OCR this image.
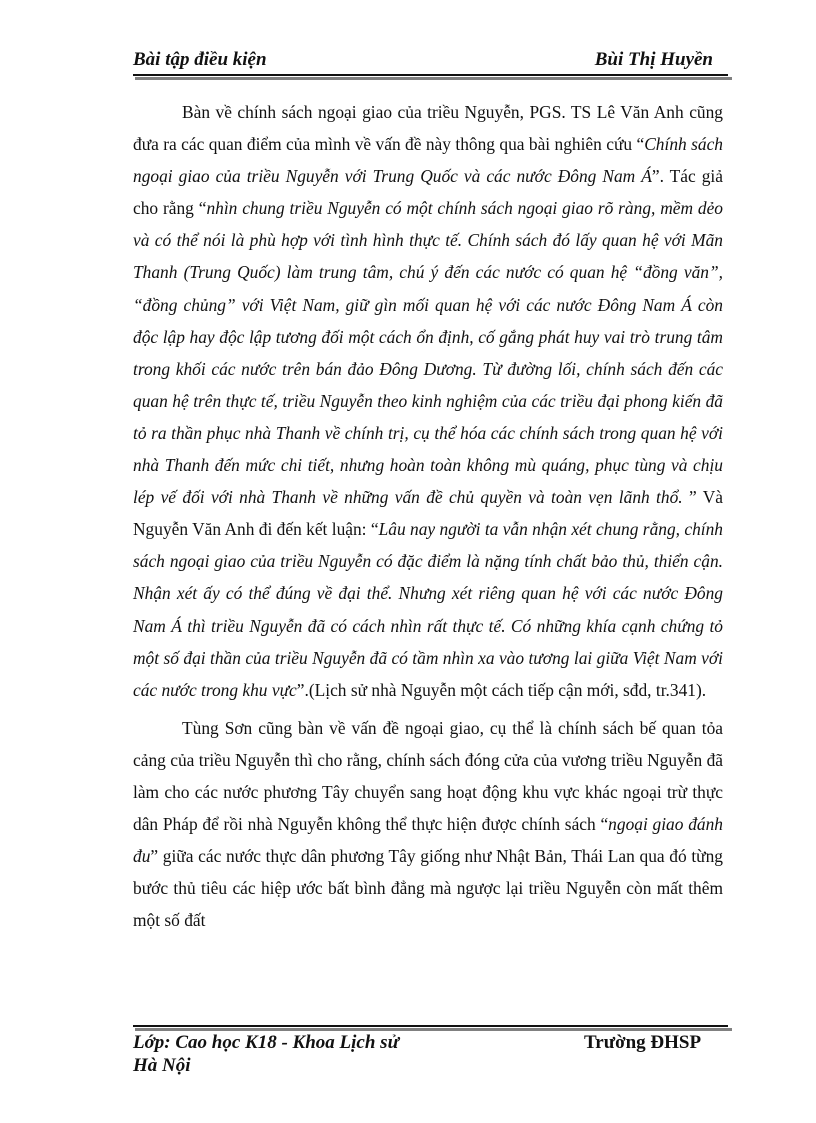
Bài tập điều kiện	Bùi Thị Huyền

Bàn về chính sách ngoại giao của triều Nguyễn, PGS. TS Lê Văn Anh cũng đưa ra các quan điểm của mình về vấn đề này thông qua bài nghiên cứu “Chính sách ngoại giao của triều Nguyễn với Trung Quốc và các nước Đông Nam Á”. Tác giả cho rằng “nhìn chung triều Nguyễn có một chính sách ngoại giao rõ ràng, mềm dẻo và có thể nói là phù hợp với tình hình thực tế. Chính sách đó lấy quan hệ với Mãn Thanh (Trung Quốc) làm trung tâm, chú ý đến các nước có quan hệ “đồng văn”, “đồng chủng” với Việt Nam, giữ gìn mối quan hệ với các nước Đông Nam Á còn độc lập hay độc lập tương đối một cách ổn định, cố gắng phát huy vai trò trung tâm trong khối các nước trên bán đảo Đông Dương. Từ đường lối, chính sách đến các quan hệ trên thực tế, triều Nguyễn theo kinh nghiệm của các triều đại phong kiến đã tỏ ra thần phục nhà Thanh về chính trị, cụ thể hóa các chính sách trong quan hệ với nhà Thanh đến mức chi tiết, nhưng hoàn toàn không mù quáng, phục tùng và chịu lép vế đối với nhà Thanh về những vấn đề chủ quyền và toàn vẹn lãnh thổ. ” Và Nguyễn Văn Anh đi đến kết luận: “Lâu nay người ta vẫn nhận xét chung rằng, chính sách ngoại giao của triều Nguyễn có đặc điểm là nặng tính chất bảo thủ, thiển cận. Nhận xét ấy có thể đúng về đại thể. Nhưng xét riêng quan hệ với các nước Đông Nam Á thì triều Nguyễn đã có cách nhìn rất thực tế. Có những khía cạnh chứng tỏ một số đại thần của triều Nguyễn đã có tầm nhìn xa vào tương lai giữa Việt Nam với các nước trong khu vực”.(Lịch sử nhà Nguyễn một cách tiếp cận mới, sđd, tr.341).

Tùng Sơn cũng bàn về vấn đề ngoại giao, cụ thể là chính sách bế quan tỏa cảng của triều Nguyễn thì cho rằng, chính sách đóng cửa của vương triều Nguyễn đã làm cho các nước phương Tây chuyển sang hoạt động khu vực khác ngoại trừ thực dân Pháp để rồi nhà Nguyễn không thể thực hiện được chính sách “ngoại giao đánh đu” giữa các nước thực dân phương Tây giống như Nhật Bản, Thái Lan qua đó từng bước thủ tiêu các hiệp ước bất bình đẳng mà ngược lại triều Nguyễn còn mất thêm một số đất

Lớp: Cao học K18 - Khoa Lịch sử
Hà Nội
Trường ĐHSP
